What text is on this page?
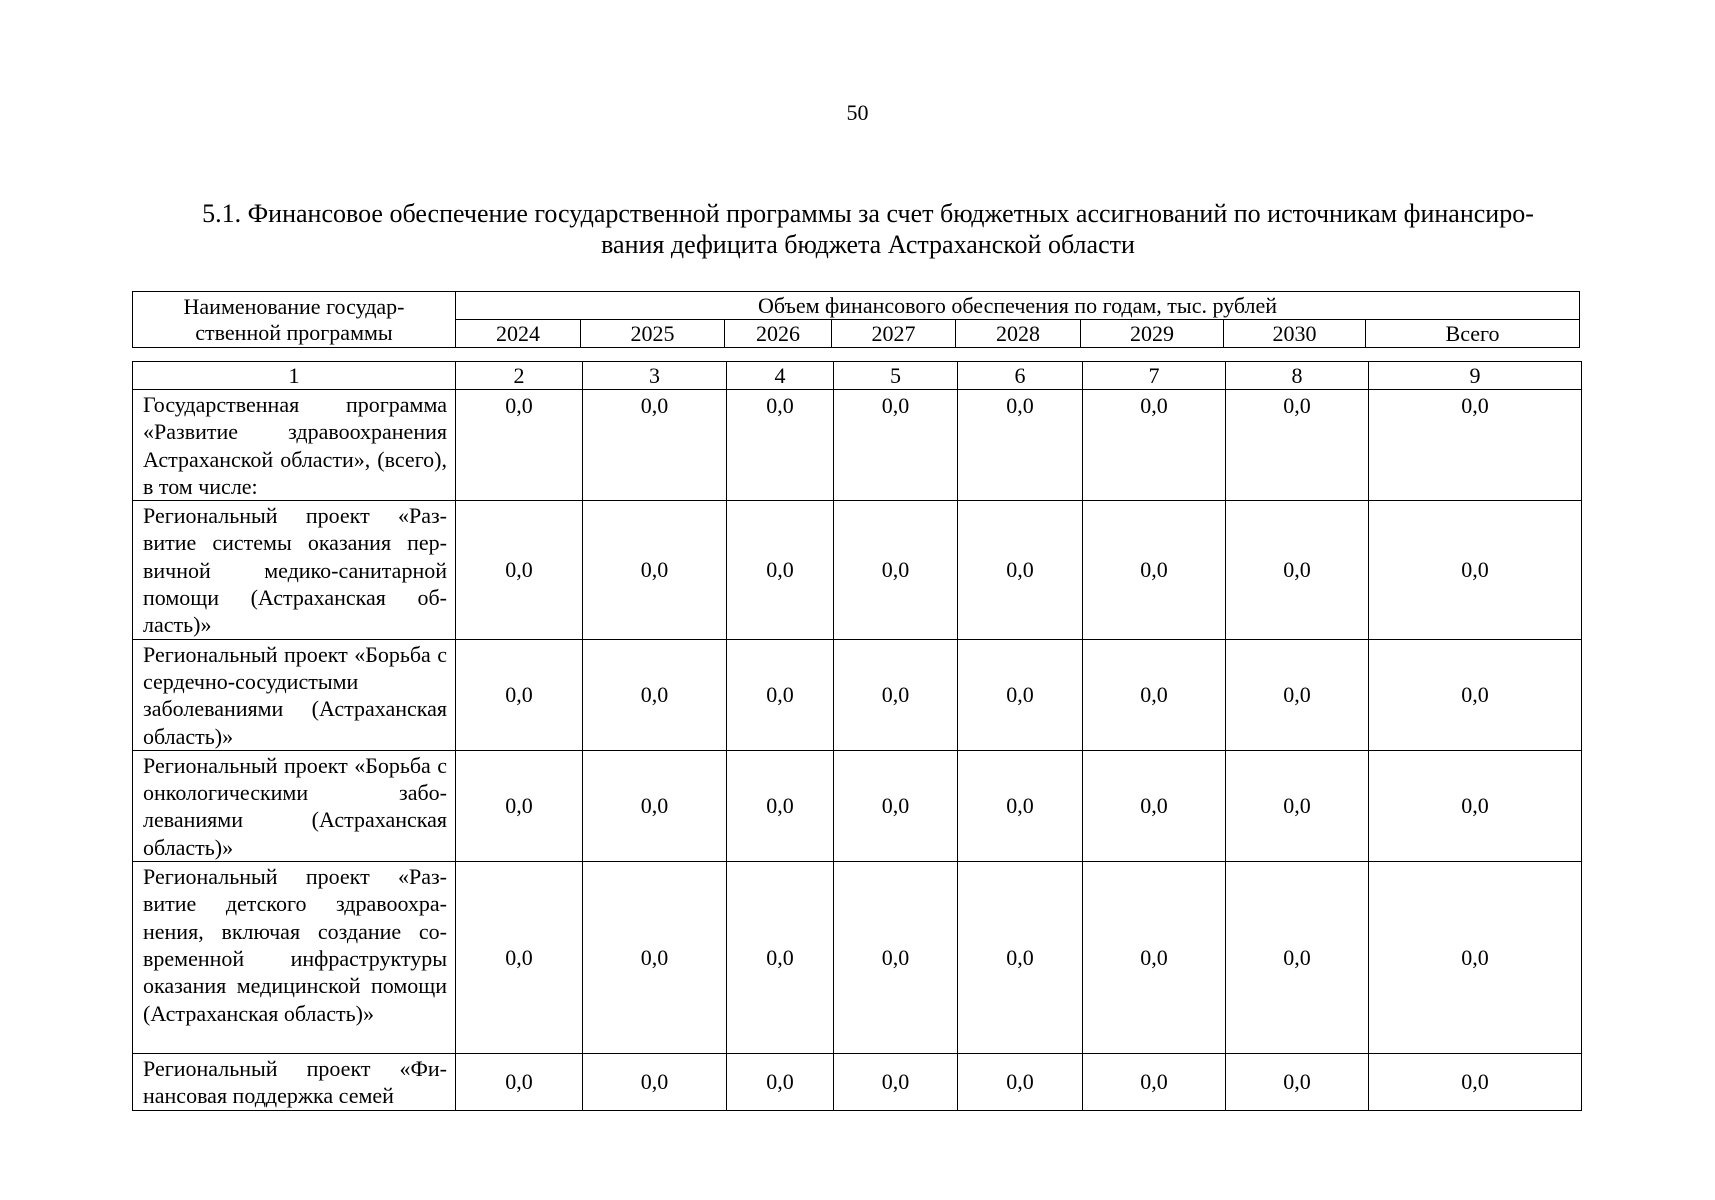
50
5.1. Финансовое обеспечение государственной программы за счет бюджетных ассигнований по источникам финансиро-
вания дефицита бюджета Астраханской области
Наименование государ-
ственной программы	Объем финансового обеспечения по годам, тыс. рублей							
	2024	2025	2026	2027	2028	2029	2030	Всего
1	2	3	4	5	6	7	8	9
Государственная программа «Развитие здравоохранения Астраханской области», (всего), в том числе:	0,0	0,0	0,0	0,0	0,0	0,0	0,0	0,0
Региональный проект «Развитие системы оказания первичной медико-санитарной помощи (Астраханская область)»	0,0	0,0	0,0	0,0	0,0	0,0	0,0	0,0
Региональный проект «Борьба с сердечно-сосудистыми заболеваниями (Астраханская область)»	0,0	0,0	0,0	0,0	0,0	0,0	0,0	0,0
Региональный проект «Борьба с онкологическими заболеваниями (Астраханская область)»	0,0	0,0	0,0	0,0	0,0	0,0	0,0	0,0
Региональный проект «Развитие детского здравоохранения, включая создание современной инфраструктуры оказания медицинской помощи (Астраханская область)»	0,0	0,0	0,0	0,0	0,0	0,0	0,0	0,0
Региональный проект «Финансовая поддержка семей	0,0	0,0	0,0	0,0	0,0	0,0	0,0	0,0
